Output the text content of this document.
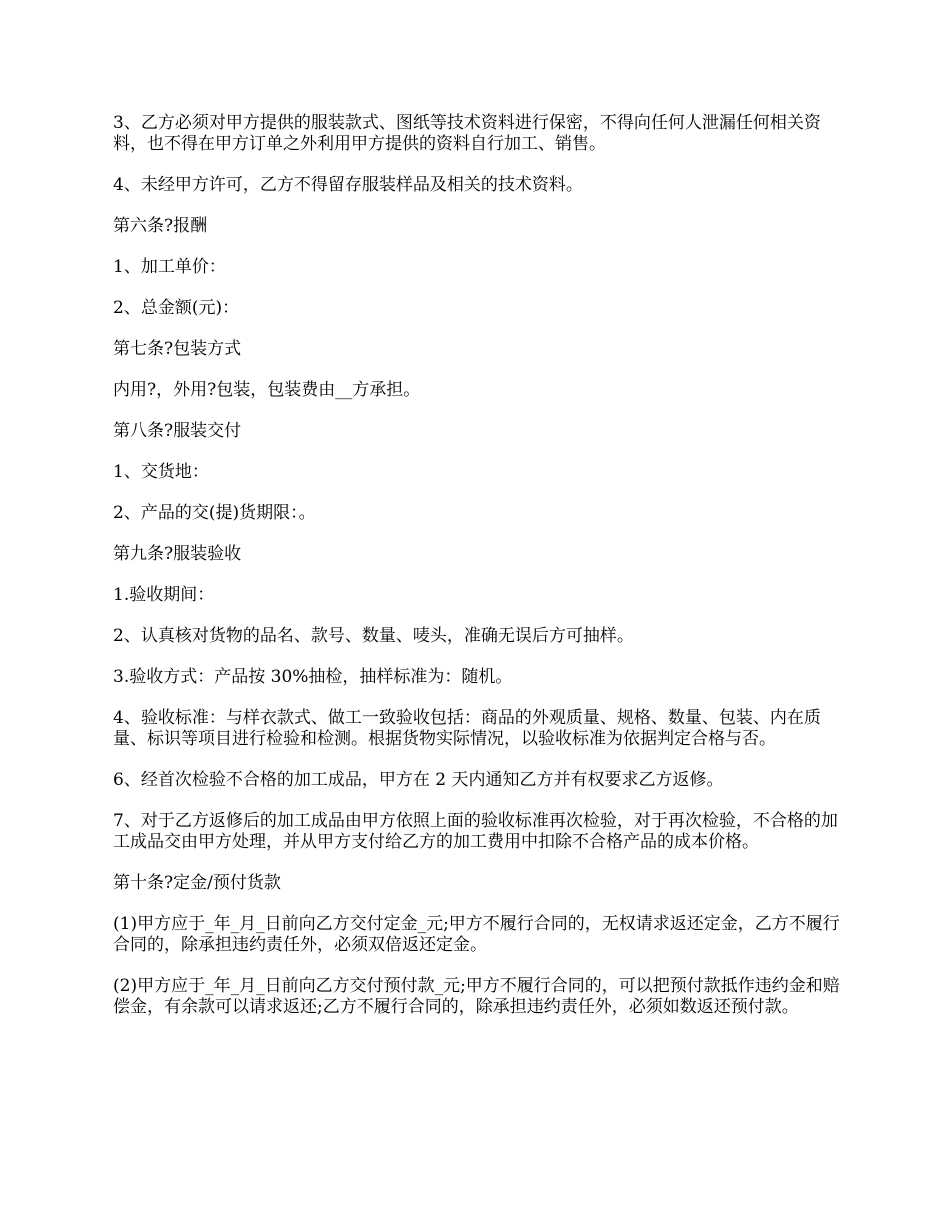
3、乙方必须对甲方提供的服装款式、图纸等技术资料进行保密，不得向任何人泄漏任何相关资料，也不得在甲方订单之外利用甲方提供的资料自行加工、销售。

4、未经甲方许可，乙方不得留存服装样品及相关的技术资料。

第六条?报酬

1、加工单价：

2、总金额(元)：

第七条?包装方式

内用?，外用?包装，包装费由__方承担。

第八条?服装交付

1、交货地：

2、产品的交(提)货期限：。

第九条?服装验收

1.验收期间：

2、认真核对货物的品名、款号、数量、唛头，准确无误后方可抽样。

3.验收方式：产品按 30%抽检，抽样标准为：随机。

4、验收标准：与样衣款式、做工一致验收包括：商品的外观质量、规格、数量、包装、内在质量、标识等项目进行检验和检测。根据货物实际情况，以验收标准为依据判定合格与否。

6、经首次检验不合格的加工成品，甲方在 2 天内通知乙方并有权要求乙方返修。

7、对于乙方返修后的加工成品由甲方依照上面的验收标准再次检验，对于再次检验，不合格的加工成品交由甲方处理，并从甲方支付给乙方的加工费用中扣除不合格产品的成本价格。

第十条?定金/预付货款

(1)甲方应于_年_月_日前向乙方交付定金_元;甲方不履行合同的，无权请求返还定金，乙方不履行合同的，除承担违约责任外，必须双倍返还定金。

(2)甲方应于_年_月_日前向乙方交付预付款_元;甲方不履行合同的，可以把预付款抵作违约金和赔偿金，有余款可以请求返还;乙方不履行合同的，除承担违约责任外，必须如数返还预付款。
